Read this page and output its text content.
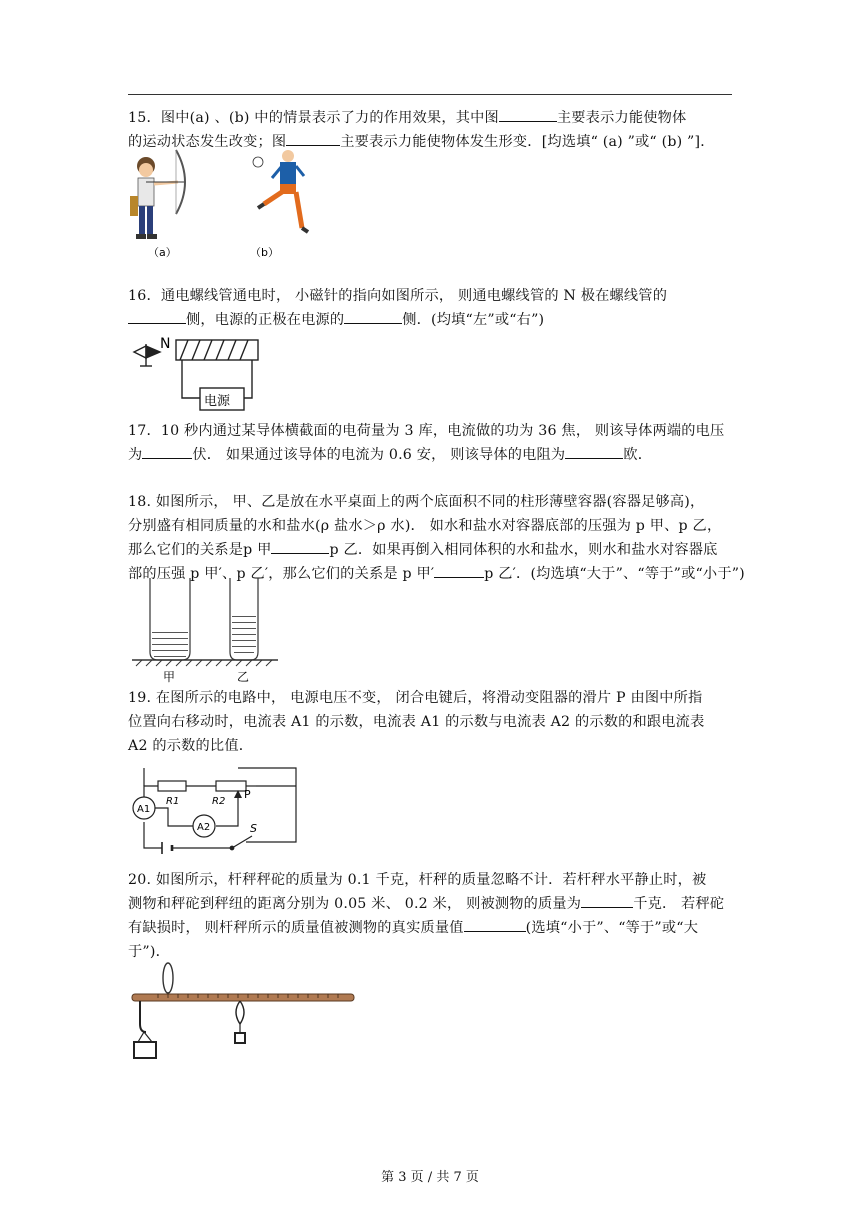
15．图中(a) 、(b) 中的情景表示了力的作用效果，其中图	主要表示力能使物体

的运动状态发生改变；图	主要表示力能使物体发生形变．[均选填“ (a) ”或“ (b) ”]．

（a）	（b）

16．通电螺线管通电时， 小磁针的指向如图所示， 则通电螺线管的 N 极在螺线管的

侧，电源的正极在电源的	侧．(均填“左”或“右”)

N
电源

17．10 秒内通过某导体横截面的电荷量为 3 库，电流做的功为 36 焦， 则该导体两端的电压

为	伏． 如果通过该导体的电流为 0.6 安， 则该导体的电阻为	欧．

18. 如图所示， 甲、乙是放在水平桌面上的两个底面积不同的柱形薄壁容器(容器足够高)，

分别盛有相同质量的水和盐水(ρ 盐水＞ρ 水)． 如水和盐水对容器底部的压强为 p 甲、p 乙，

那么它们的关系是p 甲	p 乙．如果再倒入相同体积的水和盐水，则水和盐水对容器底

部的压强 p 甲′、p 乙′，那么它们的关系是 p 甲′	p 乙′．(均选填“大于”、“等于”或“小于”)

甲	乙

19. 在图所示的电路中， 电源电压不变， 闭合电键后，将滑动变阻器的滑片 P 由图中所指

位置向右移动时，电流表 A1 的示数，电流表 A1 的示数与电流表 A2 的示数的和跟电流表

A2 的示数的比值．

A1
A2
R1	R2
P
S

20. 如图所示，杆秤秤砣的质量为 0.1 千克，杆秤的质量忽略不计．若杆秤水平静止时，被

测物和秤砣到秤纽的距离分别为 0.05 米、 0.2 米， 则被测物的质量为	千克． 若秤砣

有缺损时， 则杆秤所示的质量值被测物的真实质量值	(选填“小于”、“等于”或“大

于”)．

第 3 页 / 共 7 页
